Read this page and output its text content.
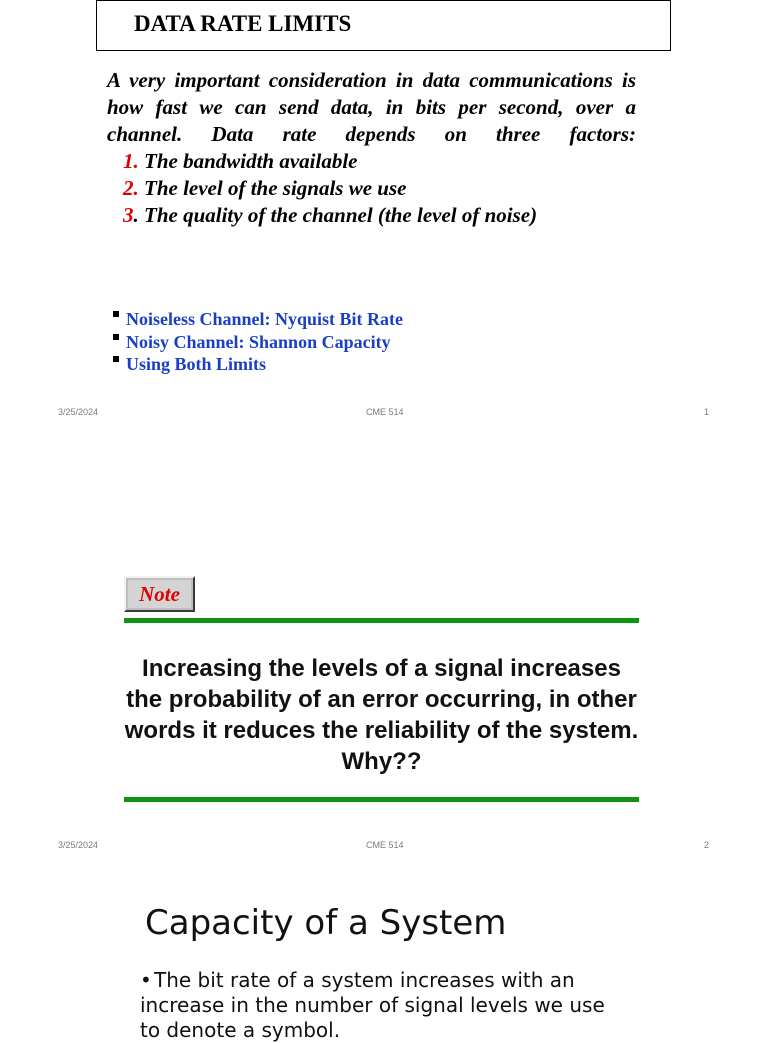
DATA RATE LIMITS
A very important consideration in data communications is how fast we can send data, in bits per second, over a channel. Data rate depends on three factors:
1. The bandwidth available
2. The level of the signals we use
3. The quality of the channel (the level of noise)
Noiseless Channel: Nyquist Bit Rate
Noisy Channel: Shannon Capacity
Using Both Limits
3/25/2024	CME 514	1
Note
Increasing the levels of a signal increases the probability of an error occurring, in other words it reduces the reliability of the system. Why??
3/25/2024	CME 514	2
Capacity of a System
• The bit rate of a system increases with an increase in the number of signal levels we use to denote a symbol.
